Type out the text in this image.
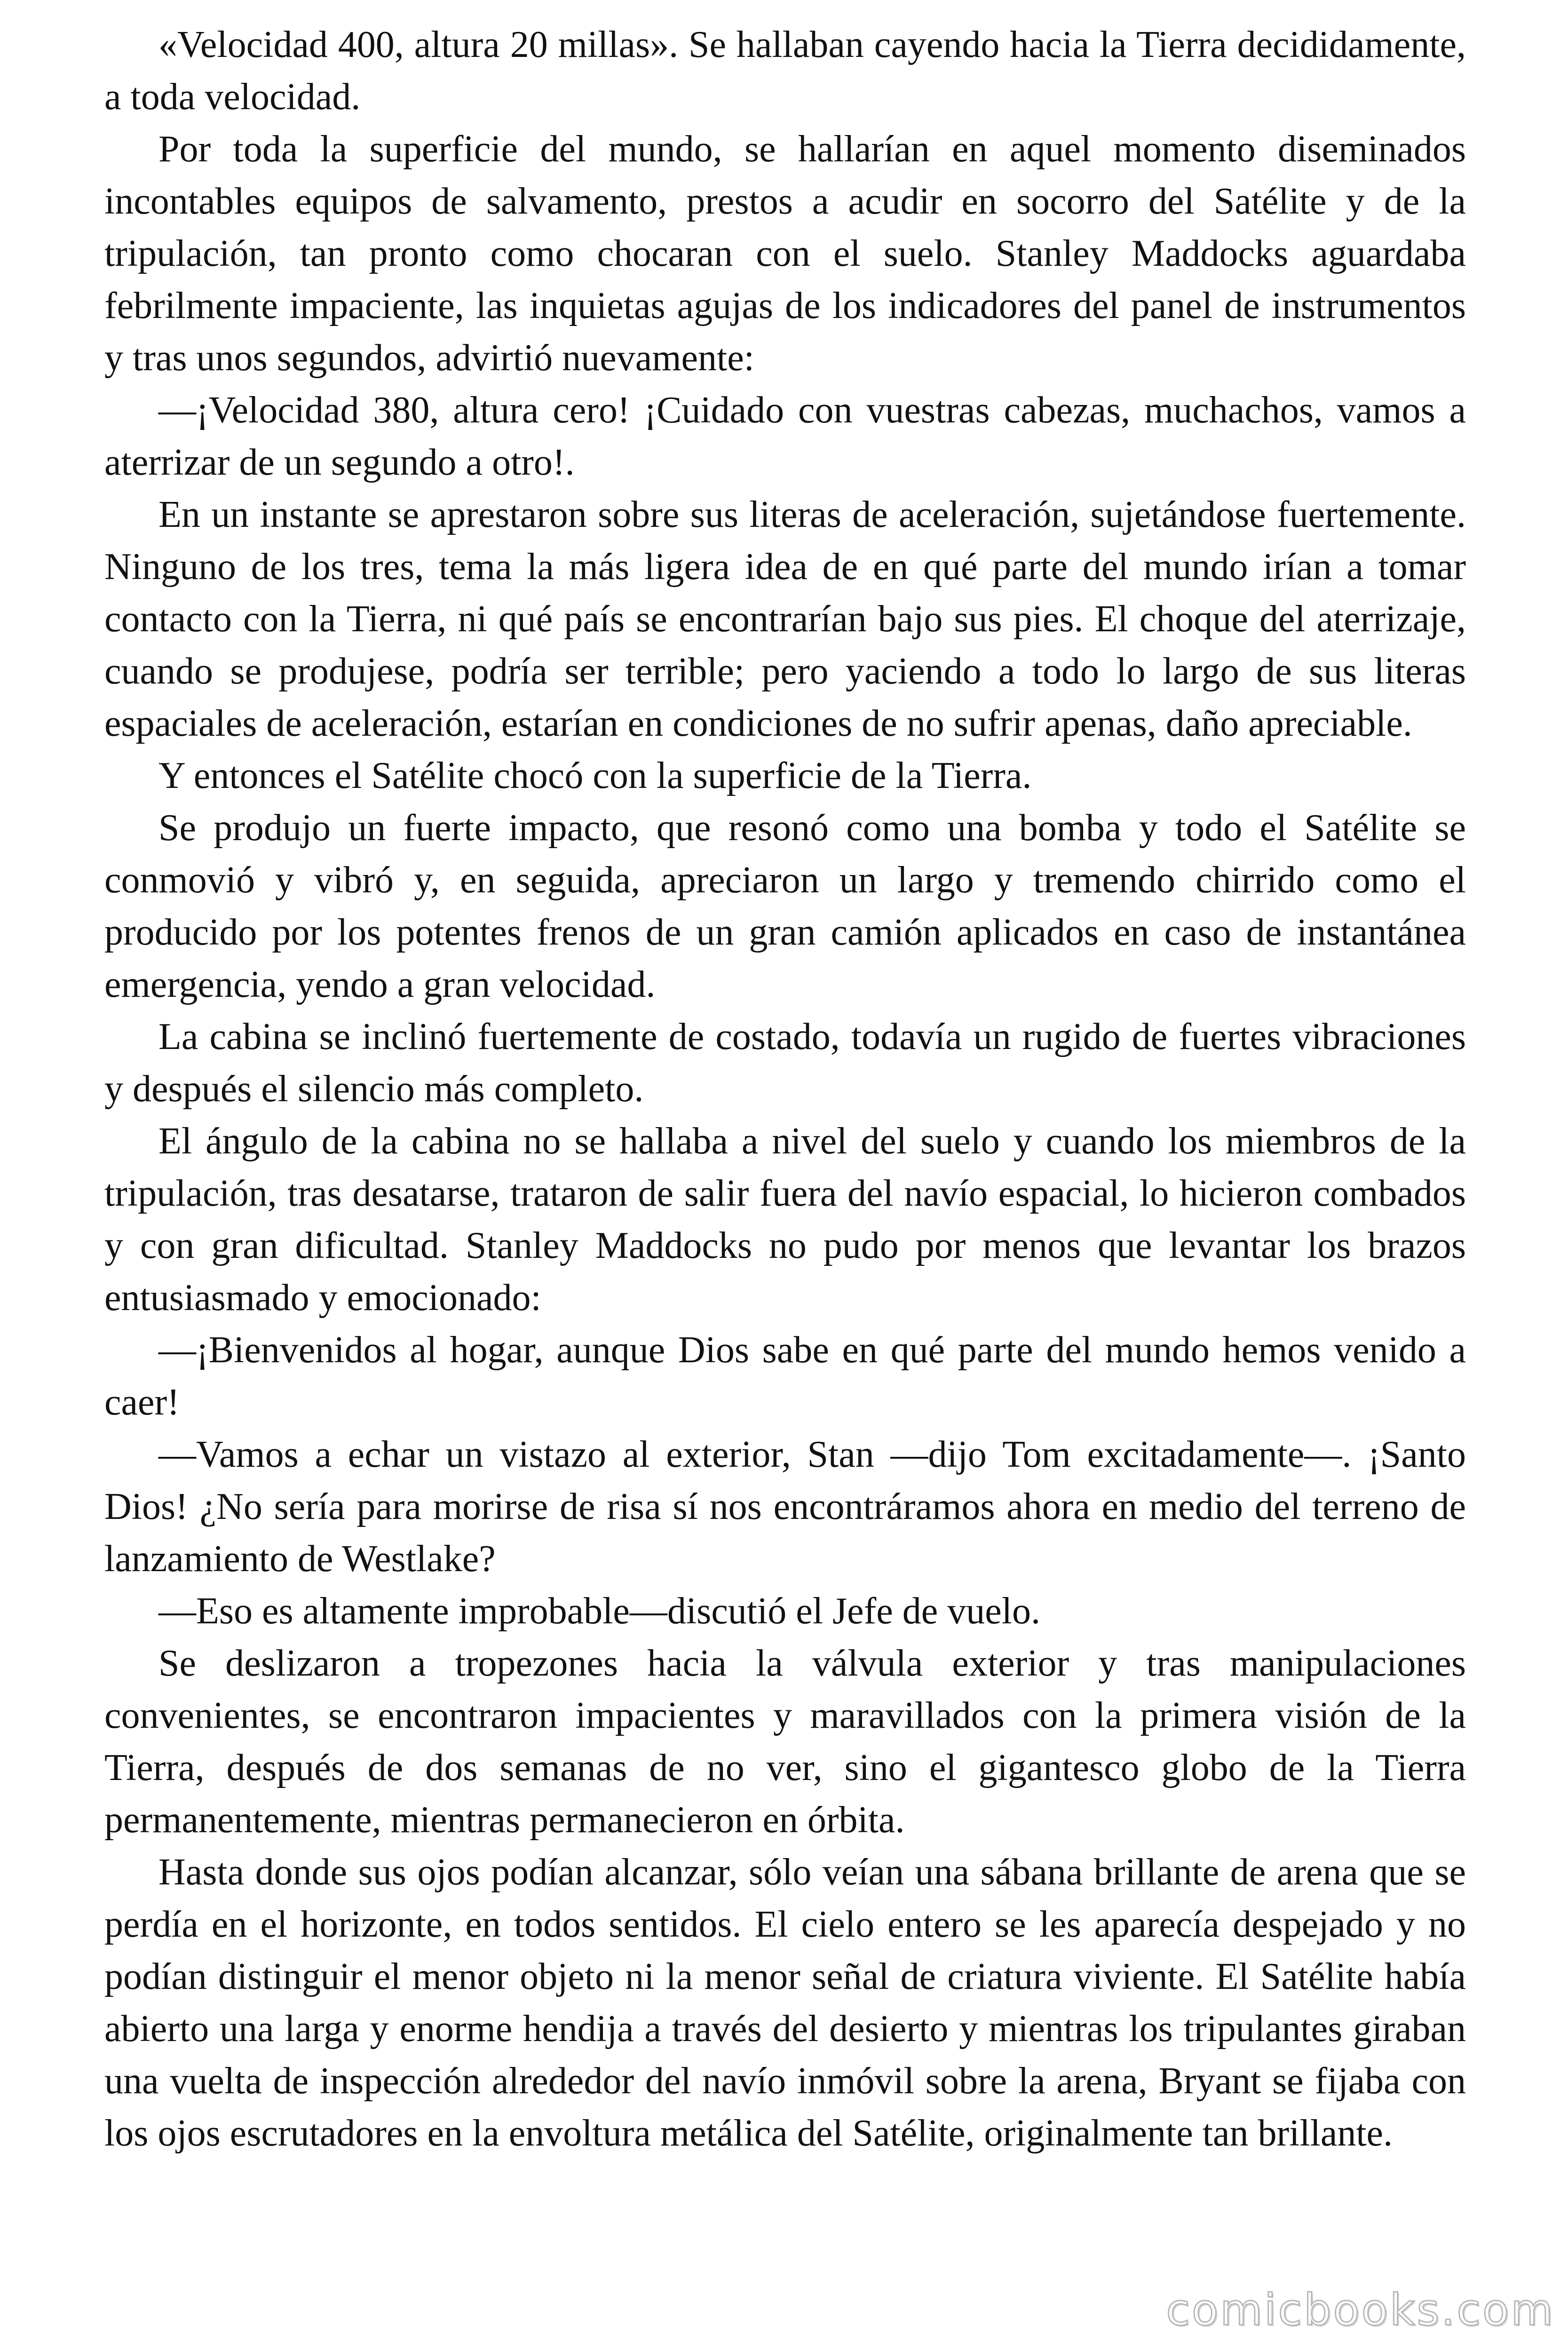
«Velocidad 400, altura 20 millas». Se hallaban cayendo hacia la Tierra decididamente, a toda velocidad.

Por toda la superficie del mundo, se hallarían en aquel momento diseminados incontables equipos de salvamento, prestos a acudir en socorro del Satélite y de la tripulación, tan pronto como chocaran con el suelo. Stanley Maddocks aguardaba febrilmente impaciente, las inquietas agujas de los indicadores del panel de instrumentos y tras unos segundos, advirtió nuevamente:

—¡Velocidad 380, altura cero! ¡Cuidado con vuestras cabezas, muchachos, vamos a aterrizar de un segundo a otro!.

En un instante se aprestaron sobre sus literas de aceleración, sujetándose fuertemente. Ninguno de los tres, tema la más ligera idea de en qué parte del mundo irían a tomar contacto con la Tierra, ni qué país se encontrarían bajo sus pies. El choque del aterrizaje, cuando se produjese, podría ser terrible; pero yaciendo a todo lo largo de sus literas espaciales de aceleración, estarían en condiciones de no sufrir apenas, daño apreciable.

Y entonces el Satélite chocó con la superficie de la Tierra.

Se produjo un fuerte impacto, que resonó como una bomba y todo el Satélite se conmovió y vibró y, en seguida, apreciaron un largo y tremendo chirrido como el producido por los potentes frenos de un gran camión aplicados en caso de instantánea emergencia, yendo a gran velocidad.

La cabina se inclinó fuertemente de costado, todavía un rugido de fuertes vibraciones y después el silencio más completo.

El ángulo de la cabina no se hallaba a nivel del suelo y cuando los miembros de la tripulación, tras desatarse, trataron de salir fuera del navío espacial, lo hicieron combados y con gran dificultad. Stanley Maddocks no pudo por menos que levantar los brazos entusiasmado y emocionado:

—¡Bienvenidos al hogar, aunque Dios sabe en qué parte del mundo hemos venido a caer!

—Vamos a echar un vistazo al exterior, Stan —dijo Tom excitadamente—. ¡Santo Dios! ¿No sería para morirse de risa sí nos encontráramos ahora en medio del terreno de lanzamiento de Westlake?

—Eso es altamente improbable—discutió el Jefe de vuelo.

Se deslizaron a tropezones hacia la válvula exterior y tras manipulaciones convenientes, se encontraron impacientes y maravillados con la primera visión de la Tierra, después de dos semanas de no ver, sino el gigantesco globo de la Tierra permanentemente, mientras permanecieron en órbita.

Hasta donde sus ojos podían alcanzar, sólo veían una sábana brillante de arena que se perdía en el horizonte, en todos sentidos. El cielo entero se les aparecía despejado y no podían distinguir el menor objeto ni la menor señal de criatura viviente. El Satélite había abierto una larga y enorme hendija a través del desierto y mientras los tripulantes giraban una vuelta de inspección alrededor del navío inmóvil sobre la arena, Bryant se fijaba con los ojos escrutadores en la envoltura metálica del Satélite, originalmente tan brillante.

comicbooks.com
